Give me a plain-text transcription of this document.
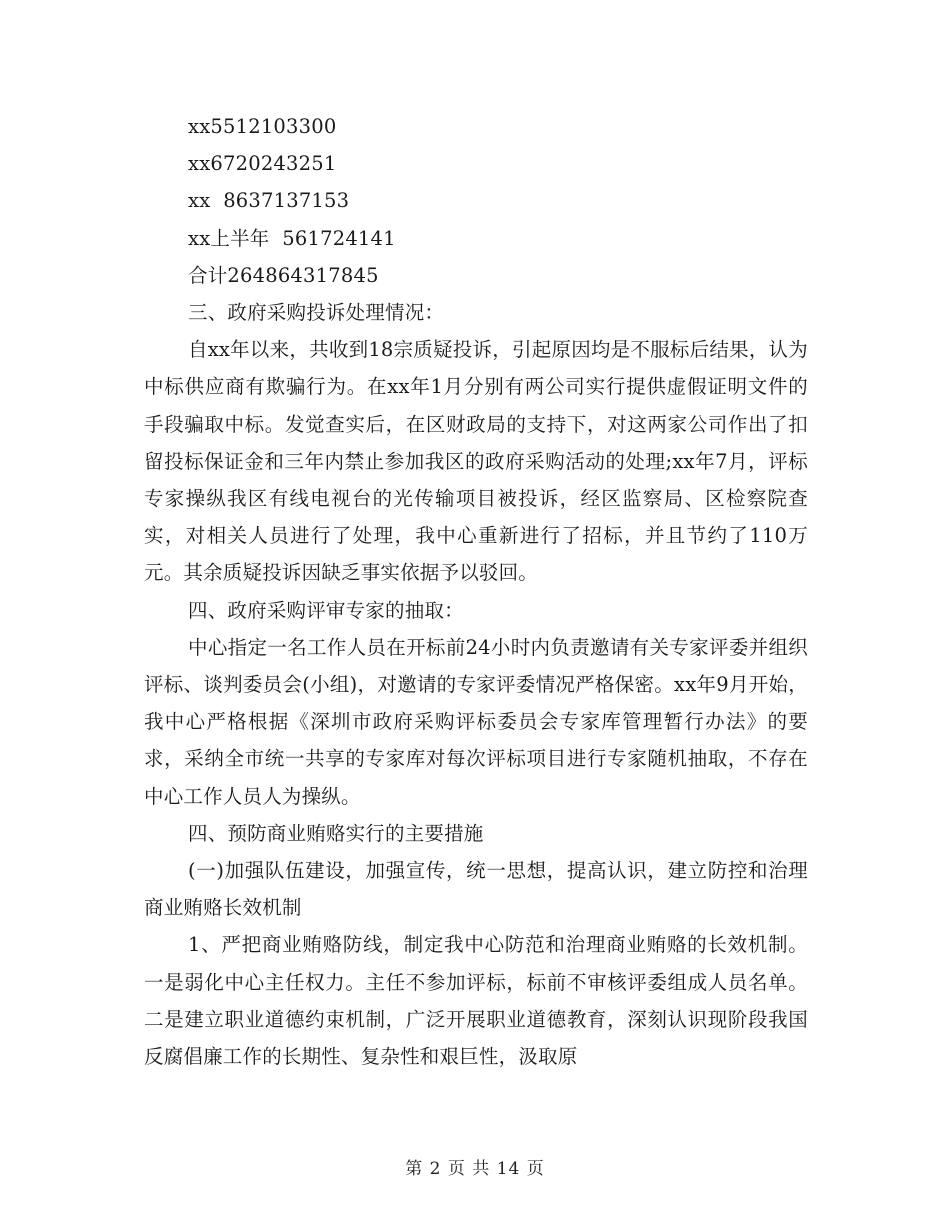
xx5512103300

xx6720243251

xx  8637137153

xx上半年  561724141

合计264864317845

三、政府采购投诉处理情况：

自xx年以来，共收到18宗质疑投诉，引起原因均是不服标后结果，认为中标供应商有欺骗行为。在xx年1月分别有两公司实行提供虚假证明文件的手段骗取中标。发觉查实后，在区财政局的支持下，对这两家公司作出了扣留投标保证金和三年内禁止参加我区的政府采购活动的处理;xx年7月，评标专家操纵我区有线电视台的光传输项目被投诉，经区监察局、区检察院查实，对相关人员进行了处理，我中心重新进行了招标，并且节约了110万元。其余质疑投诉因缺乏事实依据予以驳回。

四、政府采购评审专家的抽取：

中心指定一名工作人员在开标前24小时内负责邀请有关专家评委并组织评标、谈判委员会(小组)，对邀请的专家评委情况严格保密。xx年9月开始，我中心严格根据《深圳市政府采购评标委员会专家库管理暂行办法》的要求，采纳全市统一共享的专家库对每次评标项目进行专家随机抽取，不存在中心工作人员人为操纵。

四、预防商业贿赂实行的主要措施

(一)加强队伍建设，加强宣传，统一思想，提高认识，建立防控和治理商业贿赂长效机制

1、严把商业贿赂防线，制定我中心防范和治理商业贿赂的长效机制。一是弱化中心主任权力。主任不参加评标，标前不审核评委组成人员名单。二是建立职业道德约束机制，广泛开展职业道德教育，深刻认识现阶段我国反腐倡廉工作的长期性、复杂性和艰巨性，汲取原

第 2 页 共 14 页
